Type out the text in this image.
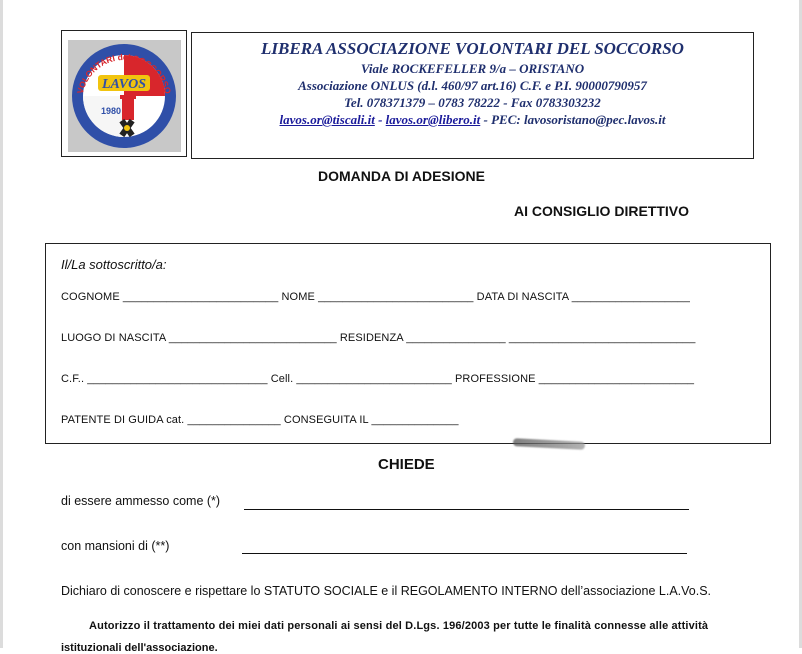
VOLONTARI del SOCCORSO
LAVOS
1980
LIBERA ASSOCIAZIONE VOLONTARI DEL SOCCORSO
Viale ROCKEFELLER 9/a – ORISTANO
Associazione ONLUS (d.l. 460/97 art.16) C.F. e P.I. 90000790957
Tel. 078371379 – 0783 78222 - Fax 0783303232
lavos.or@tiscali.it - lavos.or@libero.it - PEC: lavosoristano@pec.lavos.it
DOMANDA DI ADESIONE
AI CONSIGLIO DIRETTIVO
Il/La sottoscritto/a:
COGNOME _________________________ NOME _________________________ DATA DI NASCITA ___________________
LUOGO DI NASCITA ___________________________ RESIDENZA ________________ ______________________________
C.F.. _____________________________ Cell. _________________________ PROFESSIONE _________________________
PATENTE DI GUIDA cat. _______________ CONSEGUITA IL ______________
CHIEDE
di essere ammesso come (*)
con mansioni di (**)
Dichiaro di conoscere e rispettare lo STATUTO SOCIALE e il REGOLAMENTO INTERNO dell’associazione L.A.Vo.S.
Autorizzo il trattamento dei miei dati personali ai sensi del D.Lgs. 196/2003 per tutte le finalità connesse alle attività
istituzionali dell'associazione.
